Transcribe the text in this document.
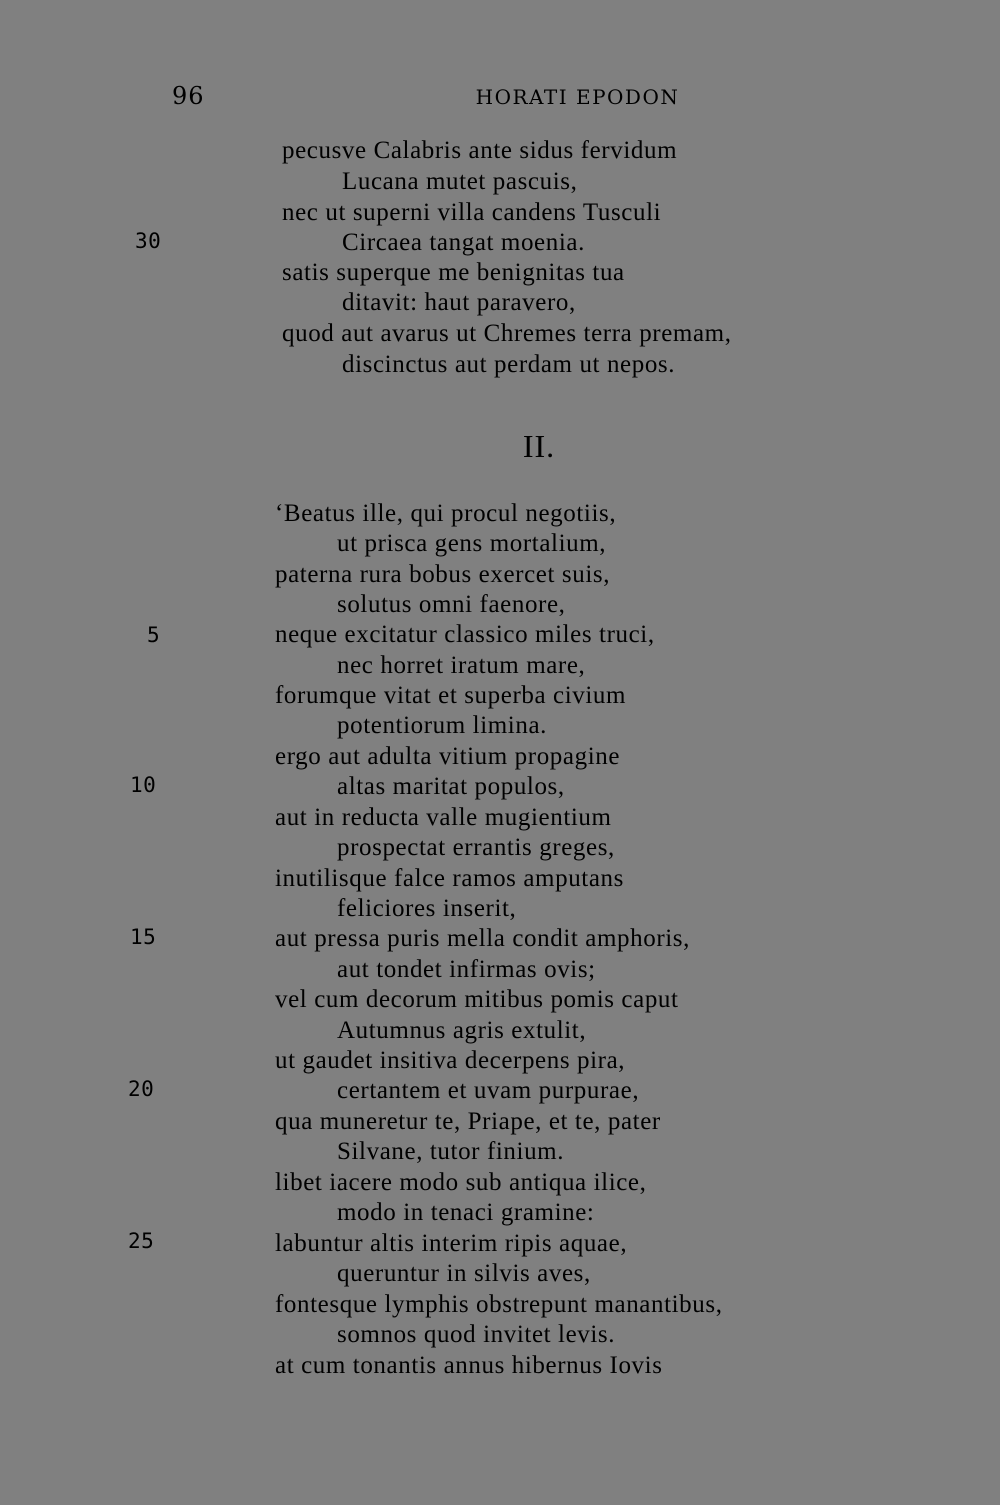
96	HORATI EPODON
pecusve Calabris ante sidus fervidum
Lucana mutet pascuis,
nec ut superni villa candens Tusculi
30	Circaea tangat moenia.
satis superque me benignitas tua
ditavit: haut paravero,
quod aut avarus ut Chremes terra premam,
discinctus aut perdam ut nepos.
II.
‘Beatus ille, qui procul negotiis,
ut prisca gens mortalium,
paterna rura bobus exercet suis,
solutus omni faenore,
5	neque excitatur classico miles truci,
nec horret iratum mare,
forumque vitat et superba civium
potentiorum limina.
ergo aut adulta vitium propagine
10	altas maritat populos,
aut in reducta valle mugientium
prospectat errantis greges,
inutilisque falce ramos amputans
feliciores inserit,
15	aut pressa puris mella condit amphoris,
aut tondet infirmas ovis;
vel cum decorum mitibus pomis caput
Autumnus agris extulit,
ut gaudet insitiva decerpens pira,
20	certantem et uvam purpurae,
qua muneretur te, Priape, et te, pater
Silvane, tutor finium.
libet iacere modo sub antiqua ilice,
modo in tenaci gramine:
25	labuntur altis interim ripis aquae,
queruntur in silvis aves,
fontesque lymphis obstrepunt manantibus,
somnos quod invitet levis.
at cum tonantis annus hibernus Iovis
